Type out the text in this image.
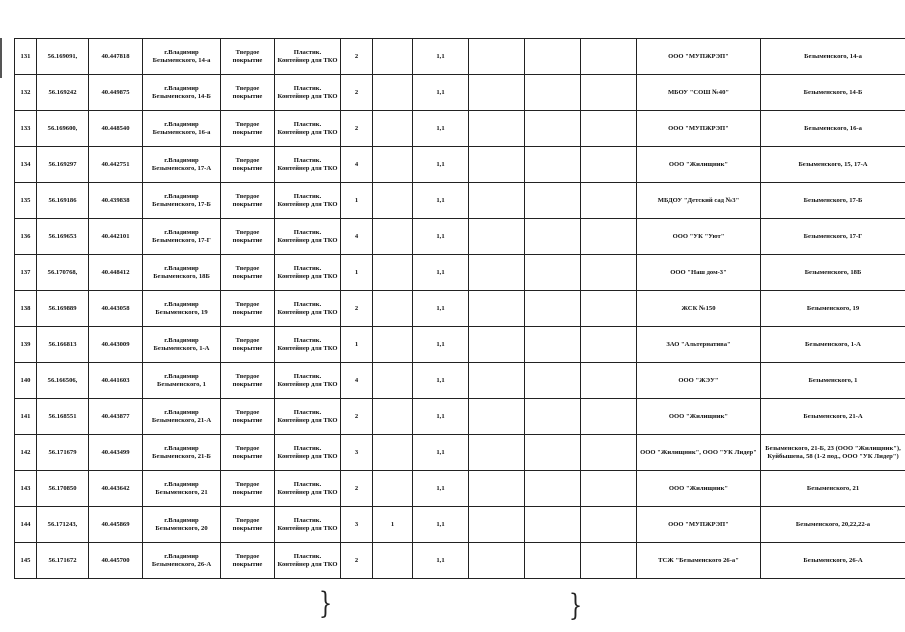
131	56.169091,	40.447818	г.Владимир Безыменского, 14-а	Твердое покрытие	Пластик. Контейнер для ТКО	2		1,1				ООО "МУПЖРЭП"	Безыменского, 14-а
132	56.169242	40.449875	г.Владимир Безыменского, 14-Б	Твердое покрытие	Пластик. Контейнер для ТКО	2		1,1				МБОУ "СОШ №40"	Безыменского, 14-Б
133	56.169600,	40.448540	г.Владимир Безыменского, 16-а	Твердое покрытие	Пластик. Контейнер для ТКО	2		1,1				ООО "МУПЖРЭП"	Безыменского, 16-а
134	56.169297	40.442751	г.Владимир Безыменского, 17-А	Твердое покрытие	Пластик. Контейнер для ТКО	4		1,1				ООО "Жилищник"	Безыменского, 15, 17-А
135	56.169186	40.439838	г.Владимир Безыменского, 17-Б	Твердое покрытие	Пластик. Контейнер для ТКО	1		1,1				МБДОУ "Детский сад №3"	Безыменского, 17-Б
136	56.169653	40.442101	г.Владимир Безыменского, 17-Г	Твердое покрытие	Пластик. Контейнер для ТКО	4		1,1				ООО "УК "Уют"	Безыменского, 17-Г
137	56.170768,	40.448412	г.Владимир Безыменского, 18Б	Твердое покрытие	Пластик. Контейнер для ТКО	1		1,1				ООО "Наш дом-3"	Безыменского, 18Б
138	56.169889	40.443058	г.Владимир Безыменского, 19	Твердое покрытие	Пластик. Контейнер для ТКО	2		1,1				ЖСК №150	Безыменского, 19
139	56.166813	40.443009	г.Владимир Безыменского, 1-А	Твердое покрытие	Пластик. Контейнер для ТКО	1		1,1				ЗАО "Альтернатива"	Безыменского, 1-А
140	56.166506,	40.441603	г.Владимир Безыменского, 1	Твердое покрытие	Пластик. Контейнер для ТКО	4		1,1				ООО "ЖЭУ"	Безыменского, 1
141	56.168551	40.443877	г.Владимир Безыменского, 21-А	Твердое покрытие	Пластик. Контейнер для ТКО	2		1,1				ООО "Жилищник"	Безыменского, 21-А
142	56.171679	40.443499	г.Владимир Безыменского, 21-Б	Твердое покрытие	Пластик. Контейнер для ТКО	3		1,1				ООО "Жилищник", ООО "УК Лидер"	Безыменского, 21-Б, 23 (ООО "Жилищник"), Куйбышева, 58 (1-2 под., ООО "УК Лидер")
143	56.170850	40.443642	г.Владимир Безыменского, 21	Твердое покрытие	Пластик. Контейнер для ТКО	2		1,1				ООО "Жилищник"	Безыменского, 21
144	56.171243,	40.445869	г.Владимир Безыменского, 20	Твердое покрытие	Пластик. Контейнер для ТКО	3	1	1,1				ООО "МУПЖРЭП"	Безыменского, 20,22,22-а
145	56.171672	40.445700	г.Владимир Безыменского, 26-А	Твердое покрытие	Пластик. Контейнер для ТКО	2		1,1				ТСЖ "Безыменского 26-а"	Безыменского, 26-А
}	}
